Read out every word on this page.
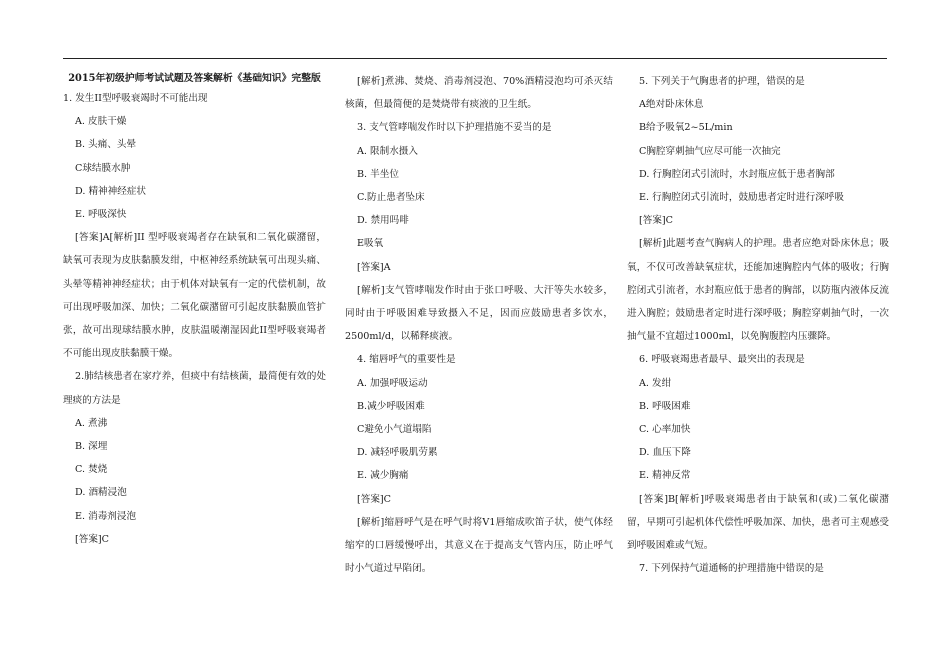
2015年初级护师考试试题及答案解析《基础知识》完整版

1. 发生II型呼吸衰竭时不可能出现

A. 皮肤干燥

B. 头痛、头晕

C球结膜水肿

D. 精神神经症状

E. 呼吸深快

[答案]A[解析]II 型呼吸衰竭者存在缺氧和二氧化碳潴留，缺氧可表现为皮肤黏膜发绀，中枢神经系统缺氧可出现头痛、头晕等精神神经症状；由于机体对缺氧有一定的代偿机制，故可出现呼吸加深、加快；二氧化碳潴留可引起皮肤黏膜血管扩张，故可出现球结膜水肿，皮肤温暖潮湿因此II型呼吸衰竭者不可能出现皮肤黏膜干燥。

2.肺结核患者在家疗养，但痰中有结核菌，最简便有效的处理痰的方法是

A. 煮沸

B. 深埋

C. 焚烧

D. 酒精浸泡

E. 消毒剂浸泡

[答案]C

[解析]煮沸、焚烧、消毒剂浸泡、70%酒精浸泡均可杀灭结核菌，但最简便的是焚烧带有痰液的卫生纸。

3. 支气管哮喘发作时以下护理措施不妥当的是

A. 限制水摄入

B. 半坐位

C.防止患者坠床

D. 禁用吗啡

E吸氧

[答案]A

[解析]支气管哮喘发作时由于张口呼吸、大汗等失水较多，同时由于呼吸困难导致摄入不足，因而应鼓励患者多饮水，2500ml/d，以稀释痰液。

4. 缩唇呼气的重要性是

A. 加强呼吸运动

B.减少呼吸困难

C避免小气道塌陷

D. 减轻呼吸肌劳累

E. 减少胸痛

[答案]C

[解析]缩唇呼气是在呼气时将V1唇缩成吹笛子状，使气体经缩窄的口唇缓慢呼出，其意义在于提高支气管内压，防止呼气时小气道过早陷闭。

5. 下列关于气胸患者的护理，错误的是

A绝对卧床休息

B给予吸氧2~5L/min

C胸腔穿刺抽气应尽可能一次抽完

D. 行胸腔闭式引流时，水封瓶应低于患者胸部

E. 行胸腔闭式引流时，鼓励患者定时进行深呼吸

[答案]C

[解析]此题考查气胸病人的护理。患者应绝对卧床休息；吸氧，不仅可改善缺氧症状，还能加速胸腔内气体的吸收；行胸腔闭式引流者，水封瓶应低于患者的胸部，以防瓶内液体反流进入胸腔；鼓励患者定时进行深呼吸；胸腔穿刺抽气时，一次抽气量不宜超过1000ml，以免胸腹腔内压骤降。

6. 呼吸衰竭患者最早、最突出的表现是

A. 发绀

B. 呼吸困难

C. 心率加快

D. 血压下降

E. 精神反常

[答案]B[解析]呼吸衰竭患者由于缺氧和(或)二氧化碳潴留，早期可引起机体代偿性呼吸加深、加快，患者可主观感受到呼吸困难或气短。

7. 下列保持气道通畅的护理措施中错误的是
